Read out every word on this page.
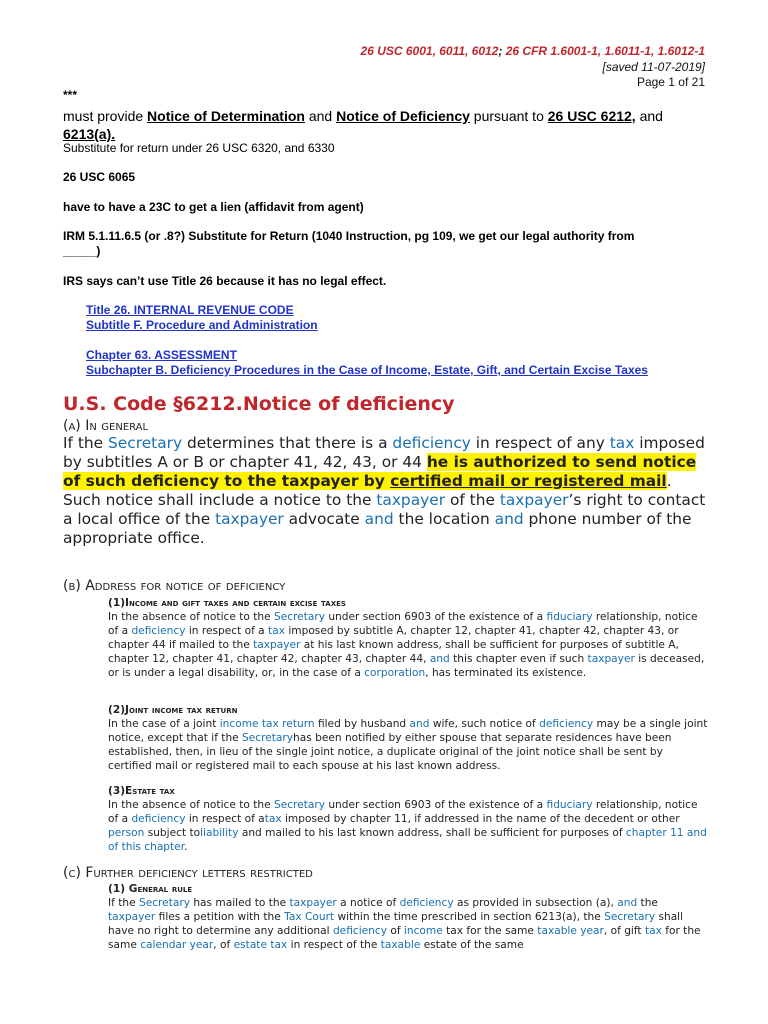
26 USC 6001, 6011, 6012; 26 CFR 1.6001-1, 1.6011-1, 1.6012-1
[saved 11-07-2019]
Page 1 of 21
***
must provide Notice of Determination and Notice of Deficiency pursuant to 26 USC 6212, and
6213(a).
Substitute for return under 26 USC 6320, and 6330
26 USC 6065
have to have a 23C to get a lien (affidavit from agent)
IRM 5.1.11.6.5 (or .8?) Substitute for Return (1040 Instruction, pg 109, we get our legal authority from
_____)
IRS says can’t use Title 26 because it has no legal effect.
Title 26. INTERNAL REVENUE CODE
Subtitle F. Procedure and Administration
Chapter 63. ASSESSMENT
Subchapter B. Deficiency Procedures in the Case of Income, Estate, Gift, and Certain Excise Taxes
U.S. Code §6212.Notice of deficiency
(a) In general
If the Secretary determines that there is a deficiency in respect of any tax imposed by subtitles A or B or chapter 41, 42, 43, or 44 he is authorized to send notice of such deficiency to the taxpayer by certified mail or registered mail. Such notice shall include a notice to the taxpayer of the taxpayer’s right to contact a local office of the taxpayer advocate and the location and phone number of the appropriate office.
(b) Address for notice of deficiency
(1)Income and gift taxes and certain excise taxes
In the absence of notice to the Secretary under section 6903 of the existence of a fiduciary relationship, notice of a deficiency in respect of a tax imposed by subtitle A, chapter 12, chapter 41, chapter 42, chapter 43, or chapter 44 if mailed to the taxpayer at his last known address, shall be sufficient for purposes of subtitle A, chapter 12, chapter 41, chapter 42, chapter 43, chapter 44, and this chapter even if such taxpayer is deceased, or is under a legal disability, or, in the case of a corporation, has terminated its existence.
(2)Joint income tax return
In the case of a joint income tax return filed by husband and wife, such notice of deficiency may be a single joint notice, except that if the Secretaryhas been notified by either spouse that separate residences have been established, then, in lieu of the single joint notice, a duplicate original of the joint notice shall be sent by certified mail or registered mail to each spouse at his last known address.
(3)Estate tax
In the absence of notice to the Secretary under section 6903 of the existence of a fiduciary relationship, notice of a deficiency in respect of atax imposed by chapter 11, if addressed in the name of the decedent or other person subject toliability and mailed to his last known address, shall be sufficient for purposes of chapter 11 and of this chapter.
(c) Further deficiency letters restricted
(1) General rule
If the Secretary has mailed to the taxpayer a notice of deficiency as provided in subsection (a), and the taxpayer files a petition with the Tax Court within the time prescribed in section 6213(a), the Secretary shall have no right to determine any additional deficiency of income tax for the same taxable year, of gift tax for the same calendar year, of estate tax in respect of the taxable estate of the same
